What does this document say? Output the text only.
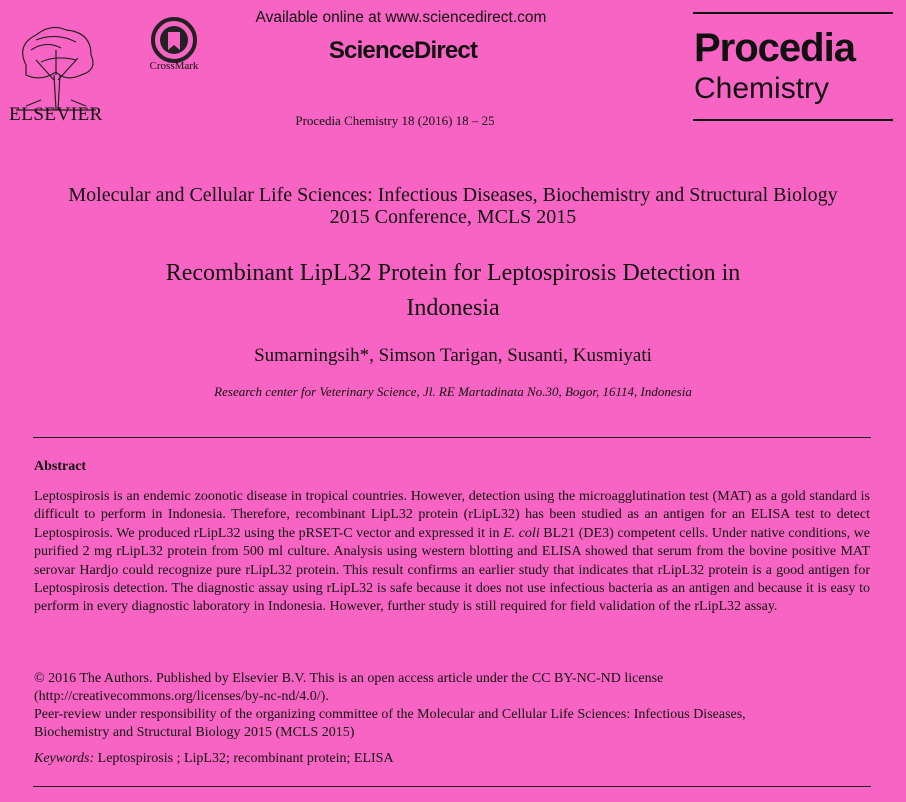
ELSEVIER
CrossMark
Available online at www.sciencedirect.com
ScienceDirect
Procedia Chemistry 18 (2016) 18 – 25
Procedia
Chemistry
Molecular and Cellular Life Sciences: Infectious Diseases, Biochemistry and Structural Biology
2015 Conference, MCLS 2015
Recombinant LipL32 Protein for Leptospirosis Detection in
Indonesia
Sumarningsih*, Simson Tarigan, Susanti, Kusmiyati
Research center for Veterinary Science, Jl. RE Martadinata No.30, Bogor, 16114, Indonesia
Abstract
Leptospirosis is an endemic zoonotic disease in tropical countries. However, detection using the microagglutination test (MAT) as a gold standard is difficult to perform in Indonesia. Therefore, recombinant LipL32 protein (rLipL32) has been studied as an antigen for an ELISA test to detect Leptospirosis. We produced rLipL32 using the pRSET-C vector and expressed it in E. coli BL21 (DE3) competent cells. Under native conditions, we purified 2 mg rLipL32 protein from 500 ml culture. Analysis using western blotting and ELISA showed that serum from the bovine positive MAT serovar Hardjo could recognize pure rLipL32 protein. This result confirms an earlier study that indicates that rLipL32 protein is a good antigen for Leptospirosis detection. The diagnostic assay using rLipL32 is safe because it does not use infectious bacteria as an antigen and because it is easy to perform in every diagnostic laboratory in Indonesia. However, further study is still required for field validation of the rLipL32 assay.
© 2016 The Authors. Published by Elsevier B.V. This is an open access article under the CC BY-NC-ND license
(http://creativecommons.org/licenses/by-nc-nd/4.0/).
Peer-review under responsibility of the organizing committee of the Molecular and Cellular Life Sciences: Infectious Diseases,
Biochemistry and Structural Biology 2015 (MCLS 2015)
Keywords: Leptospirosis ; LipL32; recombinant protein; ELISA
